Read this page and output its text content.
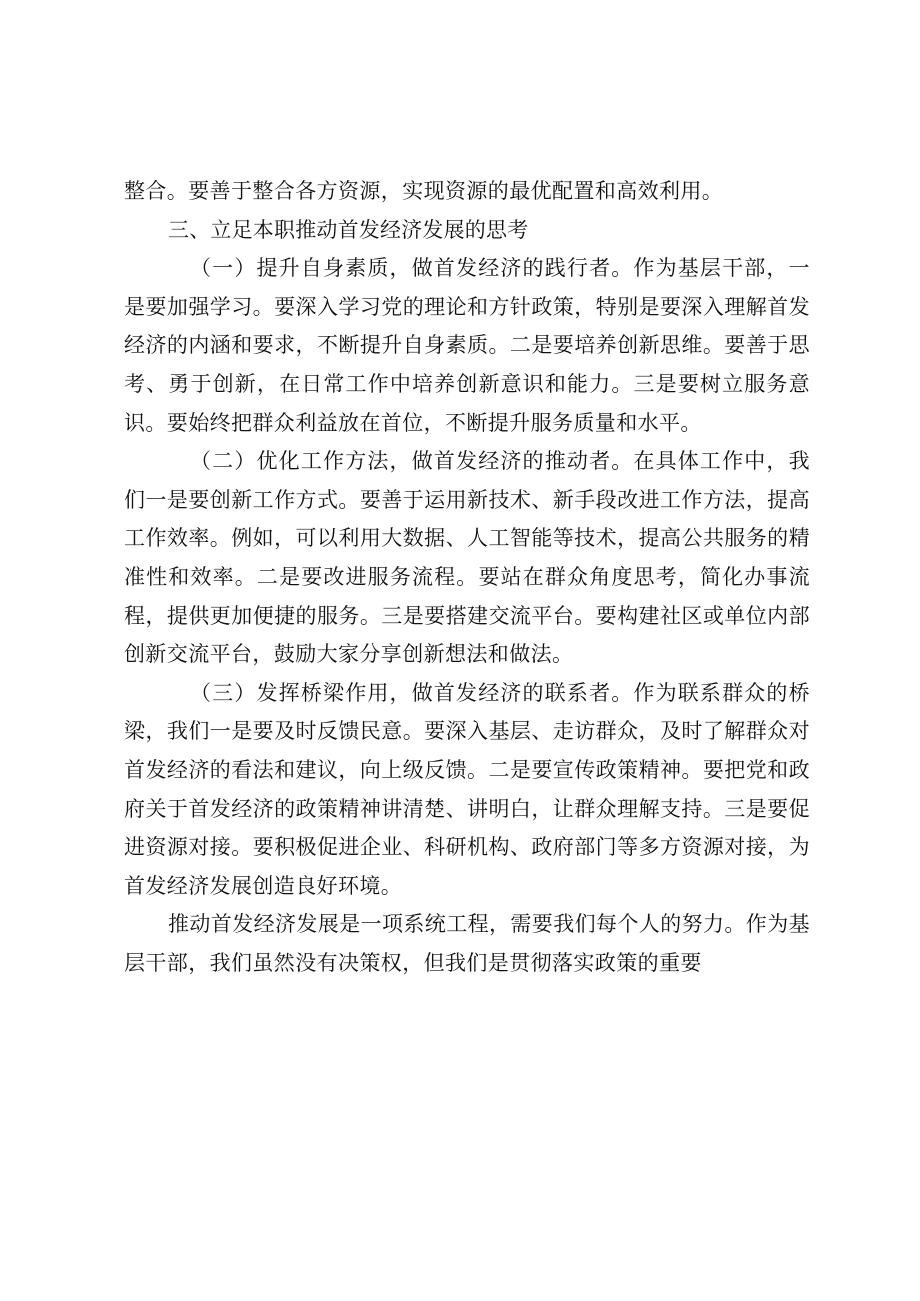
整合。要善于整合各方资源，实现资源的最优配置和高效利用。

三、立足本职推动首发经济发展的思考

（一）提升自身素质，做首发经济的践行者。作为基层干部，一是要加强学习。要深入学习党的理论和方针政策，特别是要深入理解首发经济的内涵和要求，不断提升自身素质。二是要培养创新思维。要善于思考、勇于创新，在日常工作中培养创新意识和能力。三是要树立服务意识。要始终把群众利益放在首位，不断提升服务质量和水平。

（二）优化工作方法，做首发经济的推动者。在具体工作中，我们一是要创新工作方式。要善于运用新技术、新手段改进工作方法，提高工作效率。例如，可以利用大数据、人工智能等技术，提高公共服务的精准性和效率。二是要改进服务流程。要站在群众角度思考，简化办事流程，提供更加便捷的服务。三是要搭建交流平台。要构建社区或单位内部创新交流平台，鼓励大家分享创新想法和做法。

（三）发挥桥梁作用，做首发经济的联系者。作为联系群众的桥梁，我们一是要及时反馈民意。要深入基层、走访群众，及时了解群众对首发经济的看法和建议，向上级反馈。二是要宣传政策精神。要把党和政府关于首发经济的政策精神讲清楚、讲明白，让群众理解支持。三是要促进资源对接。要积极促进企业、科研机构、政府部门等多方资源对接，为首发经济发展创造良好环境。

推动首发经济发展是一项系统工程，需要我们每个人的努力。作为基层干部，我们虽然没有决策权，但我们是贯彻落实政策的重要
